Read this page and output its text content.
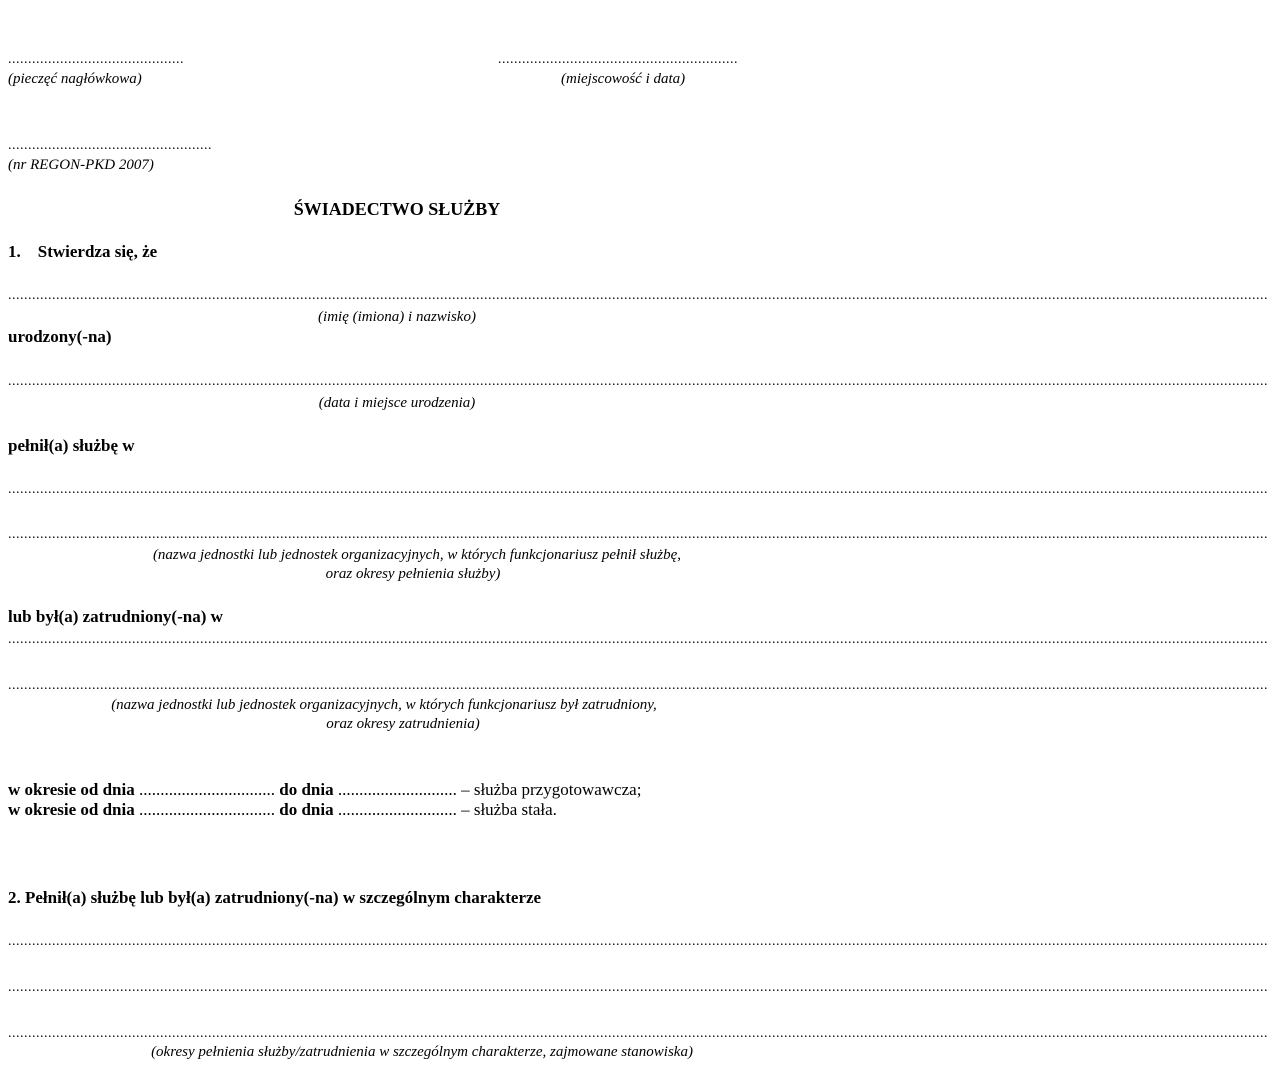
............................................
(pieczęć nagłówkowa)
............................................................
(miejscowość i data)
...................................................
(nr REGON-PKD 2007)
ŚWIADECTWO SŁUŻBY
1.    Stwierdza się, że
...........................................................................................................................................................................................................................................................................................................................
(imię (imiona) i nazwisko)
urodzony(-na)
...........................................................................................................................................................................................................................................................................................................................
(data i miejsce urodzenia)
pełnił(a) służbę w
...........................................................................................................................................................................................................................................................................................................................
...........................................................................................................................................................................................................................................................................................................................
(nazwa jednostki lub jednostek organizacyjnych, w których funkcjonariusz pełnił służbę,
oraz okresy pełnienia służby)
lub był(a) zatrudniony(-na) w
...........................................................................................................................................................................................................................................................................................................................
...........................................................................................................................................................................................................................................................................................................................
(nazwa jednostki lub jednostek organizacyjnych, w których funkcjonariusz był zatrudniony,
oraz okresy zatrudnienia)
w okresie od dnia ................................ do dnia ............................ – służba przygotowawcza;
w okresie od dnia ................................ do dnia ............................ – służba stała.
2. Pełnił(a) służbę lub był(a) zatrudniony(-na) w szczególnym charakterze
...........................................................................................................................................................................................................................................................................................................................
...........................................................................................................................................................................................................................................................................................................................
...........................................................................................................................................................................................................................................................................................................................
(okresy pełnienia służby/zatrudnienia w szczególnym charakterze, zajmowane stanowiska)
